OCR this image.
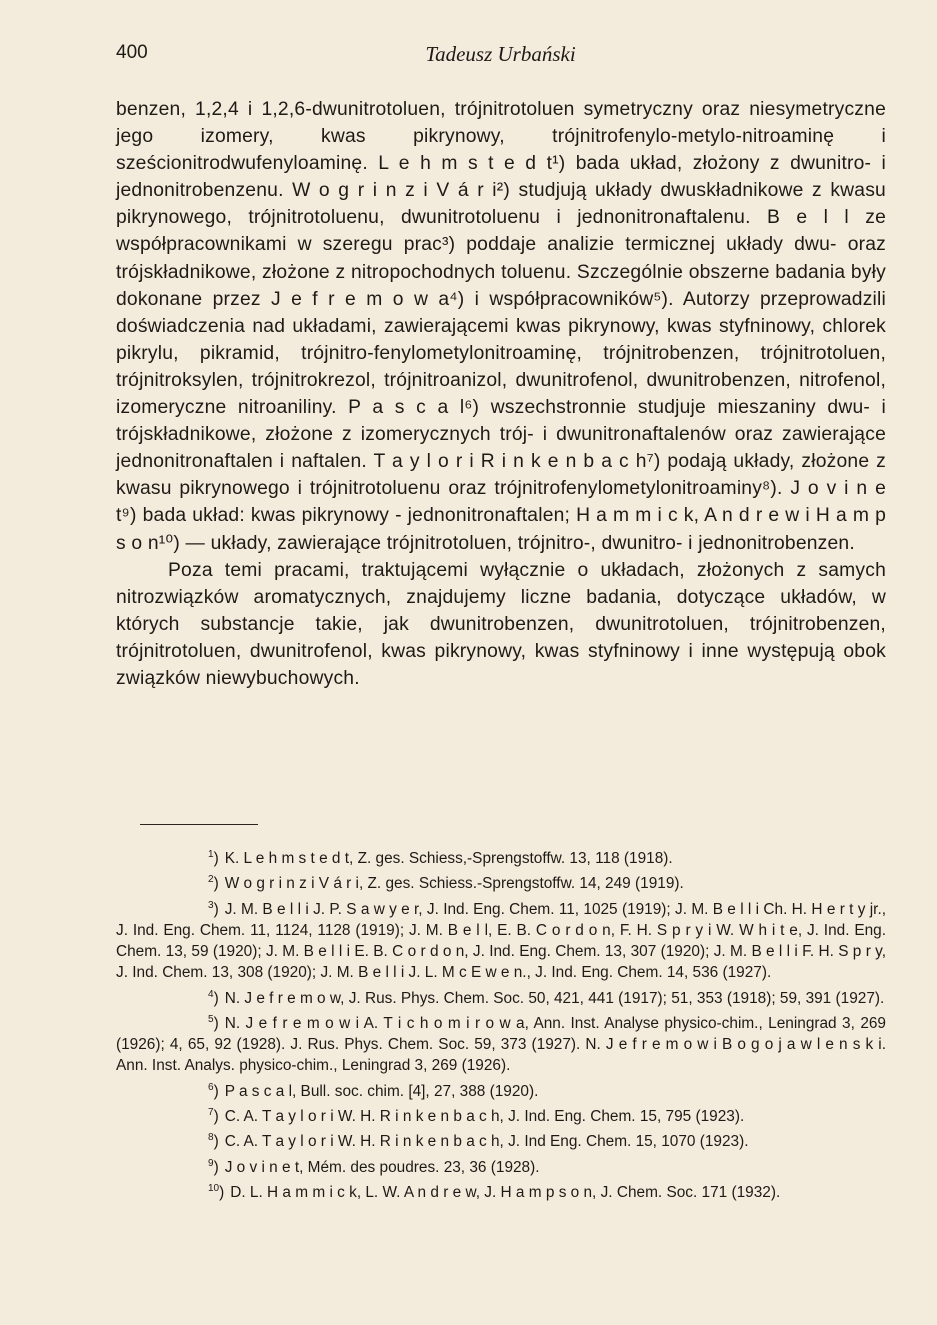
400	Tadeusz Urbański

benzen, 1,2,4 i 1,2,6-dwunitrotoluen, trójnitrotoluen symetryczny oraz niesymetryczne jego izomery, kwas pikrynowy, trójnitrofenylo-metylo-nitroaminę i sześcionitrodwufenyloaminę. L e h m s t e d t¹) bada układ, złożony z dwunitro- i jednonitrobenzenu. W o g r i n z i V á r i²) studjują układy dwuskładnikowe z kwasu pikrynowego, trójnitrotoluenu, dwunitrotoluenu i jednonitronaftalenu. B e l l ze współpracownikami w szeregu prac³) poddaje analizie termicznej układy dwu- oraz trójskładnikowe, złożone z nitropochodnych toluenu. Szczególnie obszerne badania były dokonane przez J e f r e m o w a⁴) i współpracowników⁵). Autorzy przeprowadzili doświadczenia nad układami, zawierającemi kwas pikrynowy, kwas styfninowy, chlorek pikrylu, pikramid, trójnitro-fenylometylonitroaminę, trójnitrobenzen, trójnitrotoluen, trójnitroksylen, trójnitrokrezol, trójnitroanizol, dwunitrofenol, dwunitrobenzen, nitrofenol, izomeryczne nitroaniliny. P a s c a l⁶) wszechstronnie studjuje mieszaniny dwu- i trójskładnikowe, złożone z izomerycznych trój- i dwunitronaftalenów oraz zawierające jednonitronaftalen i naftalen. T a y l o r i R i n k e n b a c h⁷) podają układy, złożone z kwasu pikrynowego i trójnitrotoluenu oraz trójnitrofenylometylonitroaminy⁸). J o v i n e t⁹) bada układ: kwas pikrynowy - jednonitronaftalen; H a m m i c k, A n d r e w i H a m p s o n¹⁰) — układy, zawierające trójnitrotoluen, trójnitro-, dwunitro- i jednonitrobenzen.

Poza temi pracami, traktującemi wyłącznie o układach, złożonych z samych nitrozwiązków aromatycznych, znajdujemy liczne badania, dotyczące układów, w których substancje takie, jak dwunitrobenzen, dwunitrotoluen, trójnitrobenzen, trójnitrotoluen, dwunitrofenol, kwas pikrynowy, kwas styfninowy i inne występują obok związków niewybuchowych.

$^1$) K. L e h m s t e d t, Z. ges. Schiess,-Sprengstoffw. 13, 118 (1918).

$^2$) W o g r i n z i V á r i, Z. ges. Schiess.-Sprengstoffw. 14, 249 (1919).

$^3$) J. M. B e l l i J. P. S a w y e r, J. Ind. Eng. Chem. 11, 1025 (1919); J. M. B e l l i Ch. H. H e r t y jr., J. Ind. Eng. Chem. 11, 1124, 1128 (1919); J. M. B e l l, E. B. C o r d o n, F. H. S p r y i W. W h i t e, J. Ind. Eng. Chem. 13, 59 (1920); J. M. B e l l i E. B. C o r d o n, J. Ind. Eng. Chem. 13, 307 (1920); J. M. B e l l i F. H. S p r y, J. Ind. Chem. 13, 308 (1920); J. M. B e l l i J. L. M c E w e n., J. Ind. Eng. Chem. 14, 536 (1927).

$^4$) N. J e f r e m o w, J. Rus. Phys. Chem. Soc. 50, 421, 441 (1917); 51, 353 (1918); 59, 391 (1927).

$^5$) N. J e f r e m o w i A. T i c h o m i r o w a, Ann. Inst. Analyse physico-chim., Leningrad 3, 269 (1926); 4, 65, 92 (1928). J. Rus. Phys. Chem. Soc. 59, 373 (1927). N. J e f r e m o w i B o g o j a w l e n s k i. Ann. Inst. Analys. physico-chim., Leningrad 3, 269 (1926).

$^6$) P a s c a l, Bull. soc. chim. [4], 27, 388 (1920).

$^7$) C. A. T a y l o r i W. H. R i n k e n b a c h, J. Ind. Eng. Chem. 15, 795 (1923).

$^8$) C. A. T a y l o r i W. H. R i n k e n b a c h, J. Ind Eng. Chem. 15, 1070 (1923).

$^9$) J o v i n e t, Mém. des poudres. 23, 36 (1928).

$^{10}$) D. L. H a m m i c k, L. W. A n d r e w, J. H a m p s o n, J. Chem. Soc. 171 (1932).
